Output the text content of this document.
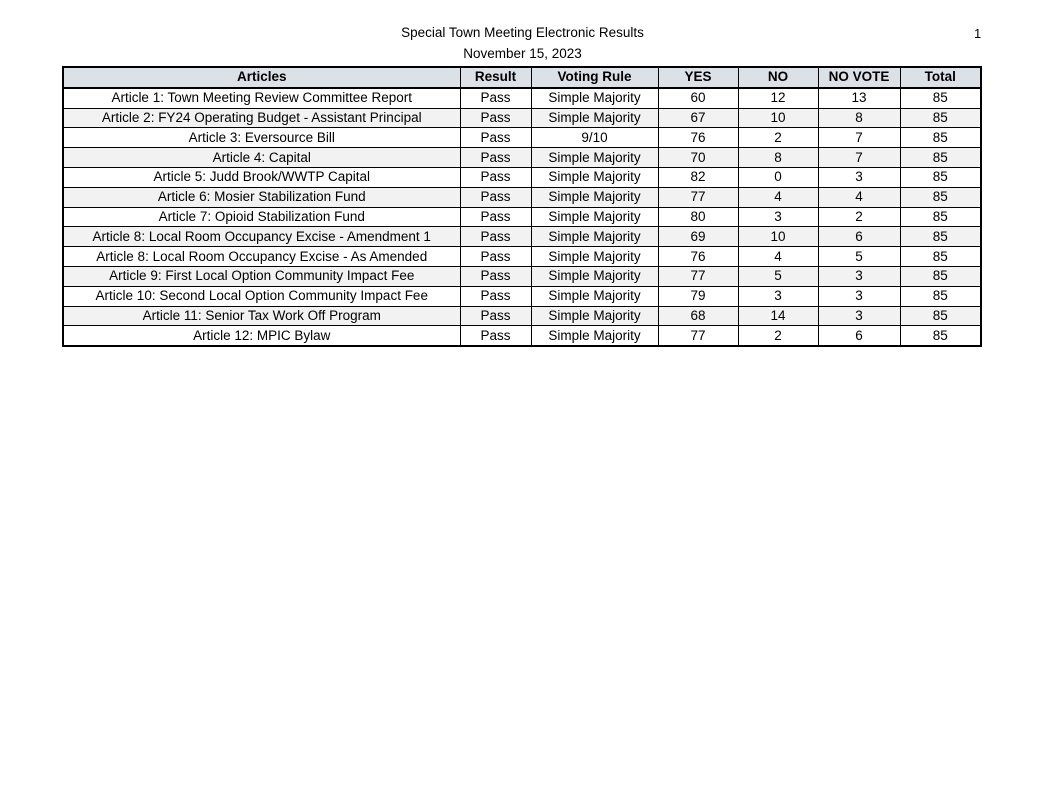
Special Town Meeting Electronic Results
November 15, 2023
1
Articles	Result	Voting Rule	YES	NO	NO VOTE	Total
Article 1: Town Meeting Review Committee Report	Pass	Simple Majority	60	12	13	85
Article 2: FY24 Operating Budget - Assistant Principal	Pass	Simple Majority	67	10	8	85
Article 3: Eversource Bill	Pass	9/10	76	2	7	85
Article 4: Capital	Pass	Simple Majority	70	8	7	85
Article 5: Judd Brook/WWTP Capital	Pass	Simple Majority	82	0	3	85
Article 6: Mosier Stabilization Fund	Pass	Simple Majority	77	4	4	85
Article 7: Opioid Stabilization Fund	Pass	Simple Majority	80	3	2	85
Article 8: Local Room Occupancy Excise - Amendment 1	Pass	Simple Majority	69	10	6	85
Article 8: Local Room Occupancy Excise - As Amended	Pass	Simple Majority	76	4	5	85
Article 9: First Local Option Community Impact Fee	Pass	Simple Majority	77	5	3	85
Article 10: Second Local Option Community Impact Fee	Pass	Simple Majority	79	3	3	85
Article 11: Senior Tax Work Off Program	Pass	Simple Majority	68	14	3	85
Article 12: MPIC Bylaw	Pass	Simple Majority	77	2	6	85
